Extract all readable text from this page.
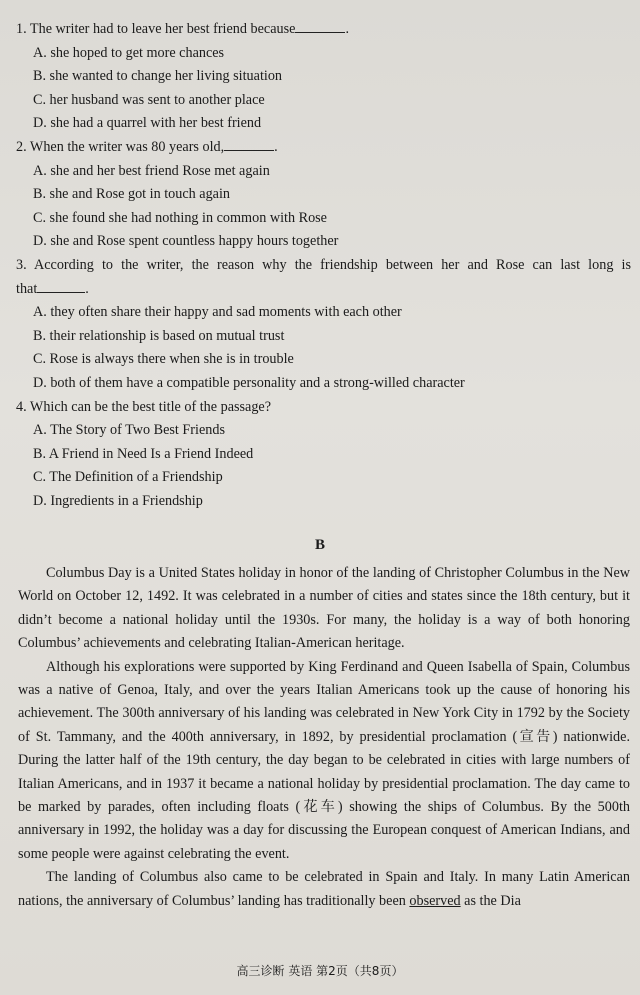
1. The writer had to leave her best friend because	.
A. she hoped to get more chances
B. she wanted to change her living situation
C. her husband was sent to another place
D. she had a quarrel with her best friend
2. When the writer was 80 years old,	.
A. she and her best friend Rose met again
B. she and Rose got in touch again
C. she found she had nothing in common with Rose
D. she and Rose spent countless happy hours together
3. According to the writer, the reason why the friendship between her and Rose can last long is
that	.
A. they often share their happy and sad moments with each other
B. their relationship is based on mutual trust
C. Rose is always there when she is in trouble
D. both of them have a compatible personality and a strong-willed character
4. Which can be the best title of the passage?
A. The Story of Two Best Friends
B. A Friend in Need Is a Friend Indeed
C. The Definition of a Friendship
D. Ingredients in a Friendship
B

Columbus Day is a United States holiday in honor of the landing of Christopher Columbus in the New World on October 12, 1492. It was celebrated in a number of cities and states since the 18th century, but it didn’t become a national holiday until the 1930s. For many, the holiday is a way of both honoring Columbus’ achievements and celebrating Italian-American heritage.

Although his explorations were supported by King Ferdinand and Queen Isabella of Spain, Columbus was a native of Genoa, Italy, and over the years Italian Americans took up the cause of honoring his achievement. The 300th anniversary of his landing was celebrated in New York City in 1792 by the Society of St. Tammany, and the 400th anniversary, in 1892, by presidential proclamation (宣告) nationwide. During the latter half of the 19th century, the day began to be celebrated in cities with large numbers of Italian Americans, and in 1937 it became a national holiday by presidential proclamation. The day came to be marked by parades, often including floats (花车) showing the ships of Columbus. By the 500th anniversary in 1992, the holiday was a day for discussing the European conquest of American Indians, and some people were against celebrating the event.

The landing of Columbus also came to be celebrated in Spain and Italy. In many Latin American nations, the anniversary of Columbus’ landing has traditionally been observed as the Dia

高三诊断 英语 第2页（共8页）
